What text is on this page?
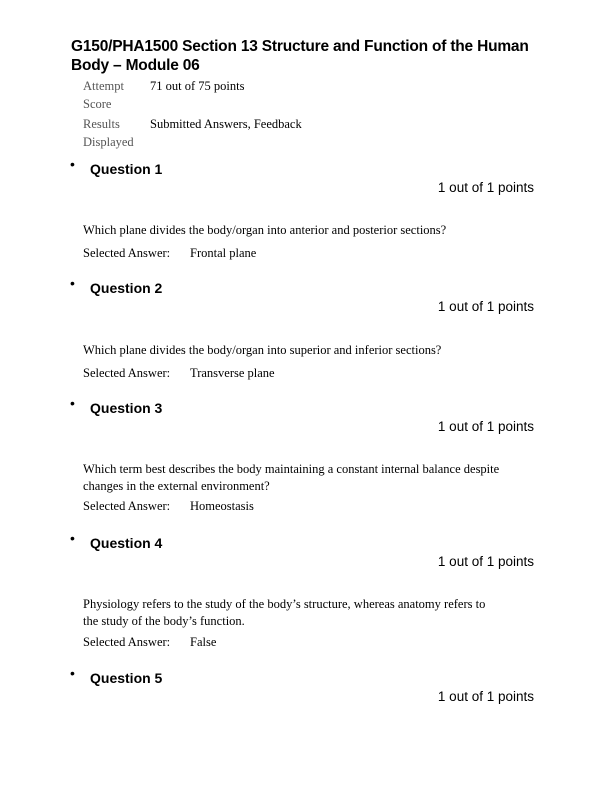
G150/PHA1500 Section 13 Structure and Function of the Human Body – Module 06
Attempt Score
71 out of 75 points
Results Displayed
Submitted Answers, Feedback
• Question 1
1 out of 1 points
Which plane divides the body/organ into anterior and posterior sections?
Selected Answer: Frontal plane
• Question 2
1 out of 1 points
Which plane divides the body/organ into superior and inferior sections?
Selected Answer: Transverse plane
• Question 3
1 out of 1 points
Which term best describes the body maintaining a constant internal balance despite changes in the external environment?
Selected Answer: Homeostasis
• Question 4
1 out of 1 points
Physiology refers to the study of the body’s structure, whereas anatomy refers to the study of the body’s function.
Selected Answer: False
• Question 5
1 out of 1 points
